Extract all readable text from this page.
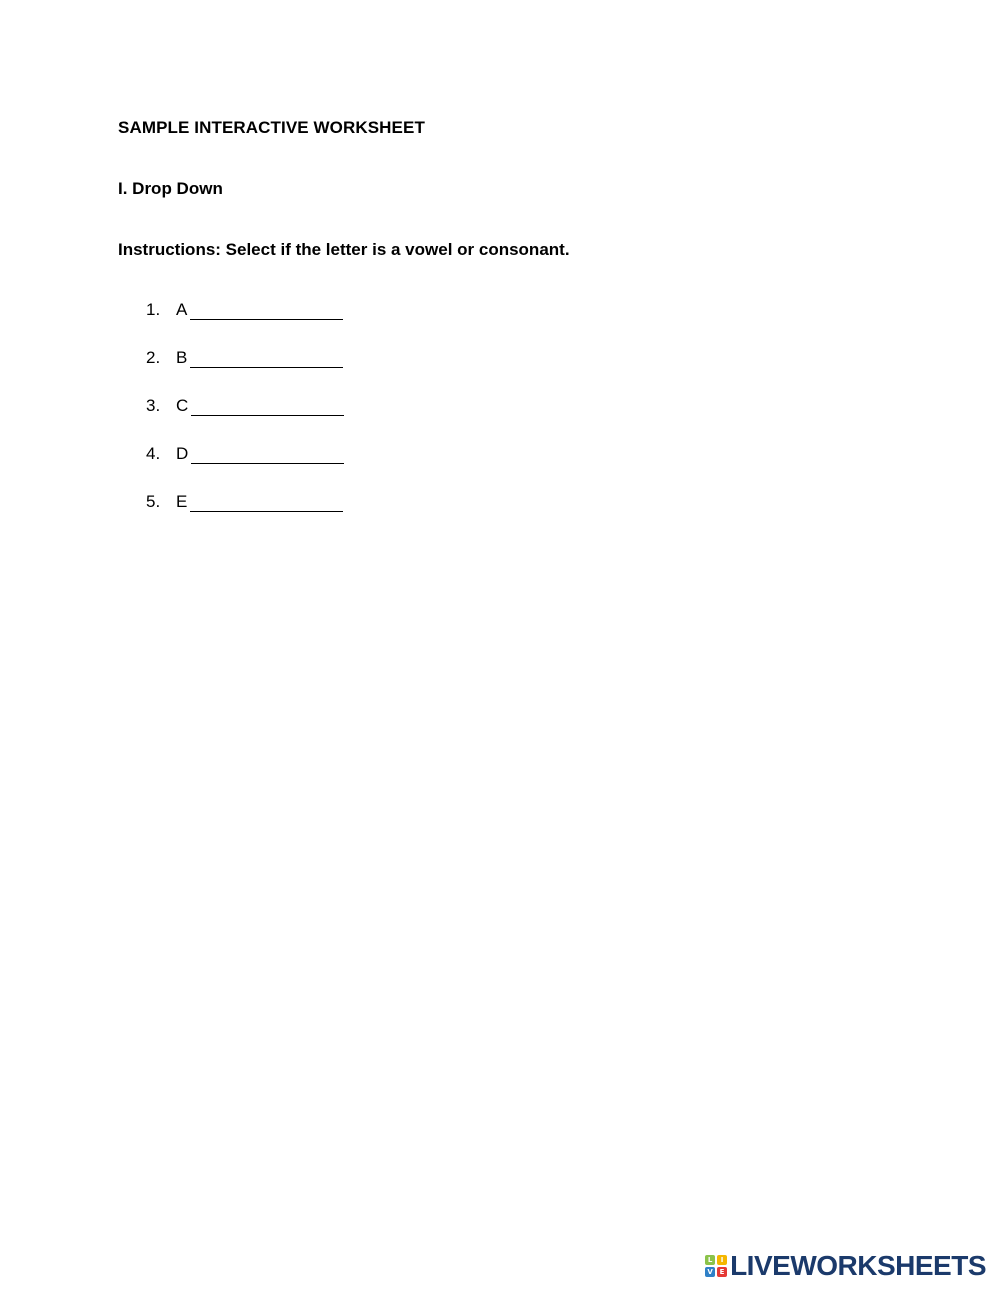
SAMPLE INTERACTIVE WORKSHEET
I. Drop Down
Instructions: Select if the letter is a vowel or consonant.
1. A
2. B
3. C
4. D
5. E
L	I
V E LIVEWORKSHEETS
